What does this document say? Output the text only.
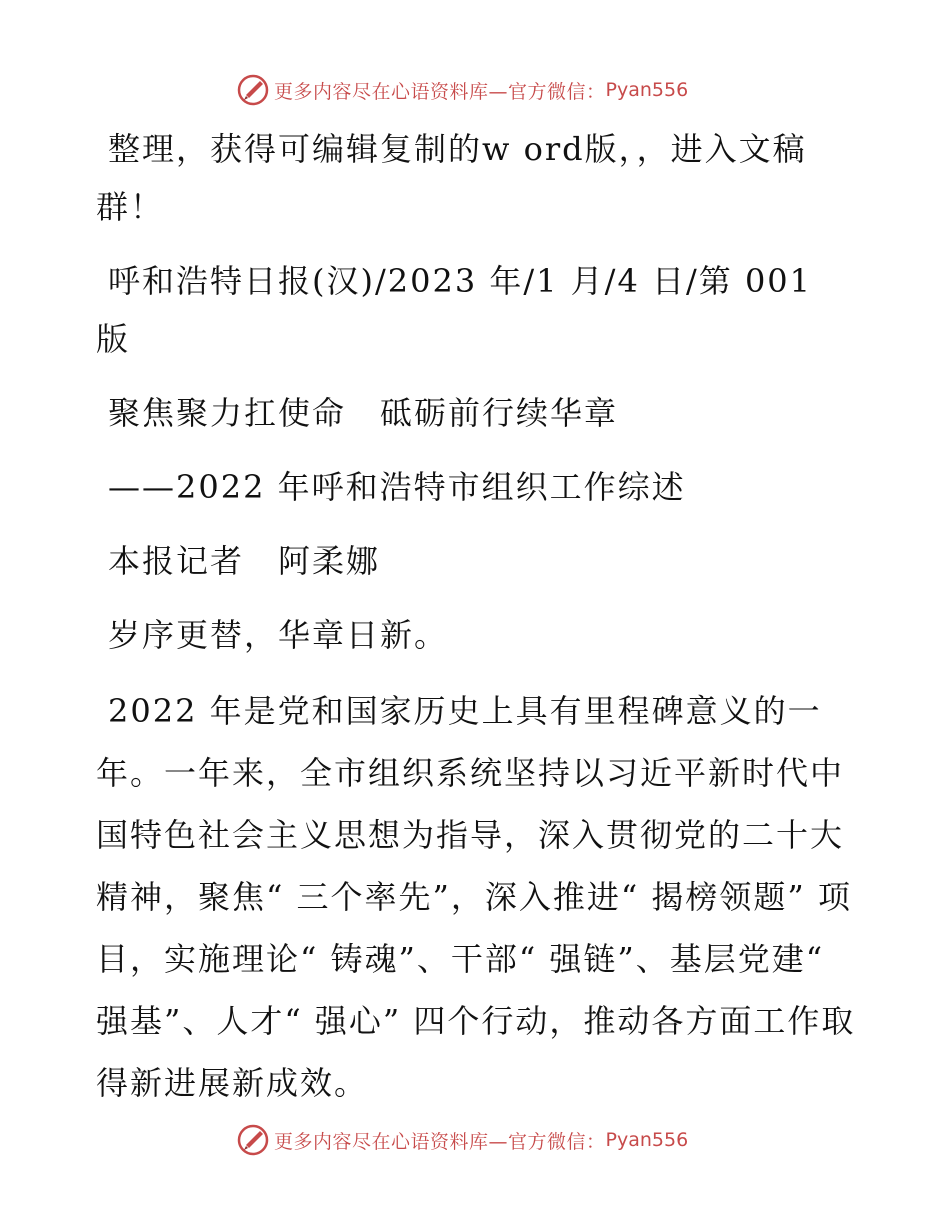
更多内容尽在心语资料库—官方微信： Pyan556

整理，获得可编辑复制的w ord版，，进入文稿群！

呼和浩特日报(汉)/2023 年/1 月/4 日/第 001 版

聚焦聚力扛使命　砥砺前行续华章

——2022 年呼和浩特市组织工作综述

本报记者　阿柔娜

岁序更替，华章日新。

2022 年是党和国家历史上具有里程碑意义的一年。一年来，全市组织系统坚持以习近平新时代中国特色社会主义思想为指导，深入贯彻党的二十大精神，聚焦“ 三个率先”，深入推进“ 揭榜领题” 项目，实施理论“ 铸魂”、干部“ 强链”、基层党建“ 强基”、人才“ 强心” 四个行动，推动各方面工作取得新进展新成效。

更多内容尽在心语资料库—官方微信： Pyan556
